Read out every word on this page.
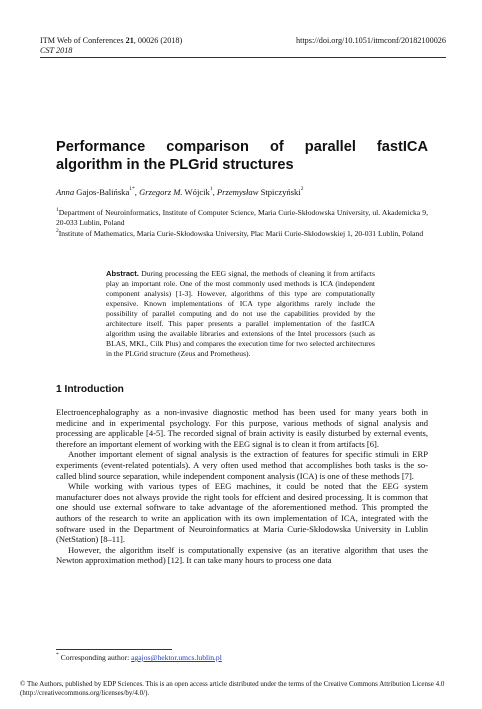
ITM Web of Conferences 21, 00026 (2018)
CST 2018
https://doi.org/10.1051/itmconf/20182100026
Performance comparison of parallel fastICA algorithm in the PLGrid structures
Anna Gajos-Balińska$^{1*}$, Grzegorz M. Wójcik$^1$, Przemysław Stpiczyński$^2$
$^1$Department of Neuroinformatics, Institute of Computer Science, Maria Curie-Skłodowska University, ul. Akademicka 9, 20-033 Lublin, Poland
$^2$Institute of Mathematics, Maria Curie-Skłodowska University, Plac Marii Curie-Skłodowskiej 1, 20-031 Lublin, Poland
Abstract. During processing the EEG signal, the methods of cleaning it from artifacts play an important role. One of the most commonly used methods is ICA (independent component analysis) [1-3]. However, algorithms of this type are computationally expensive. Known implementations of ICA type algorithms rarely include the possibility of parallel computing and do not use the capabilities provided by the architecture itself. This paper presents a parallel implementation of the fastICA algorithm using the available libraries and extensions of the Intel processors (such as BLAS, MKL, Cilk Plus) and compares the execution time for two selected architectures in the PLGrid structure (Zeus and Prometheus).
1 Introduction

Electroencephalography as a non-invasive diagnostic method has been used for many years both in medicine and in experimental psychology. For this purpose, various methods of signal analysis and processing are applicable [4-5]. The recorded signal of brain activity is easily disturbed by external events, therefore an important element of working with the EEG signal is to clean it from artifacts [6].

Another important element of signal analysis is the extraction of features for specific stimuli in ERP experiments (event-related potentials). A very often used method that accomplishes both tasks is the so-called blind source separation, while independent component analysis (ICA) is one of these methods [7].

While working with various types of EEG machines, it could be noted that the EEG system manufacturer does not always provide the right tools for effcient and desired processing. It is common that one should use external software to take advantage of the aforementioned method. This prompted the authors of the research to write an application with its own implementation of ICA, integrated with the software used in the Department of Neuroinformatics at Maria Curie-Skłodowska University in Lublin (NetStation) [8–11].

However, the algorithm itself is computationally expensive (as an iterative algorithm that uses the Newton approximation method) [12]. It can take many hours to process one data

* Corresponding author: agajos@hektor.umcs.lublin.pl
© The Authors, published by EDP Sciences. This is an open access article distributed under the terms of the Creative Commons Attribution License 4.0 (http://creativecommons.org/licenses/by/4.0/).
